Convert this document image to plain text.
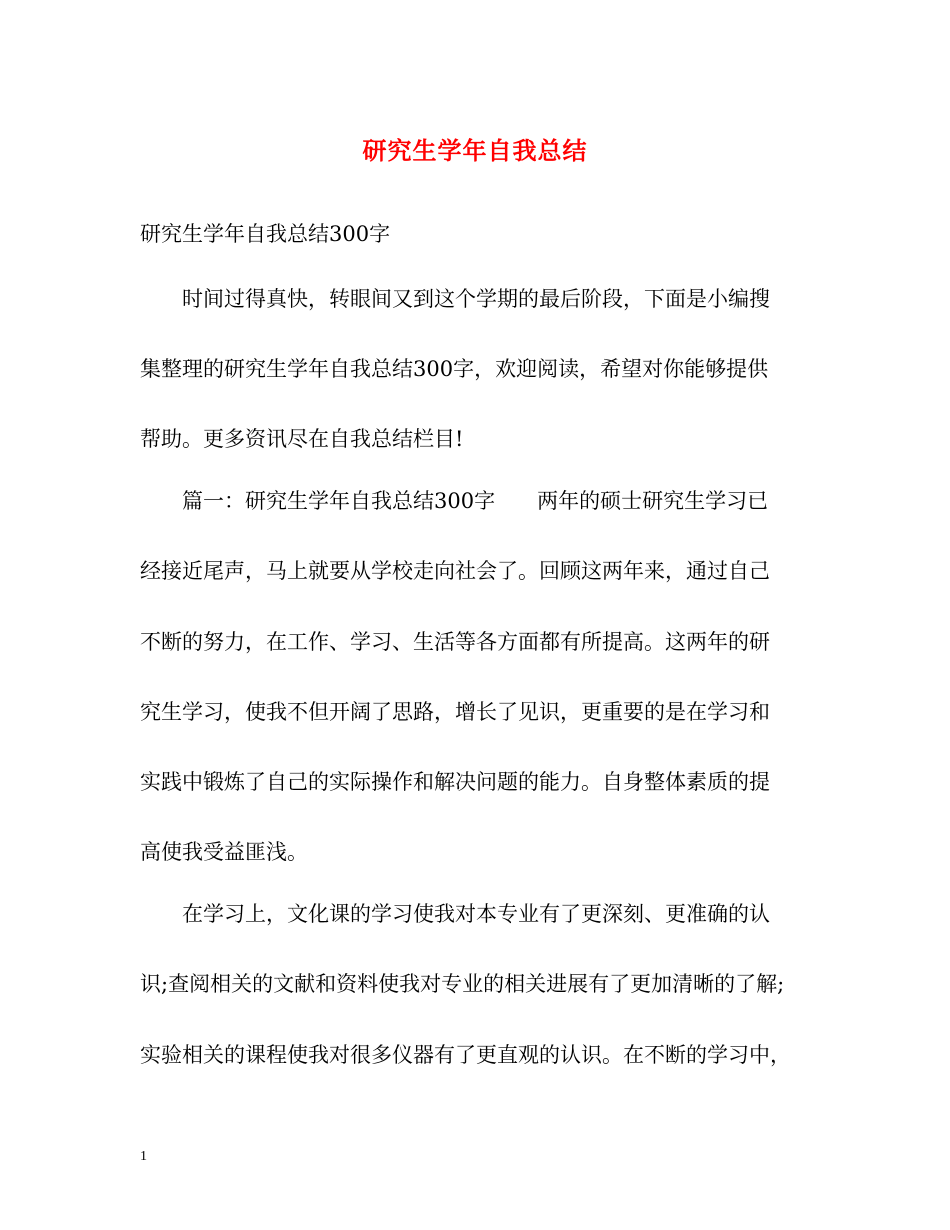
研究生学年自我总结
研究生学年自我总结300字
　　时间过得真快，转眼间又到这个学期的最后阶段，下面是小编搜
集整理的研究生学年自我总结300字，欢迎阅读，希望对你能够提供
帮助。更多资讯尽在自我总结栏目!
　　篇一：研究生学年自我总结300字　　两年的硕士研究生学习已
经接近尾声，马上就要从学校走向社会了。回顾这两年来，通过自己
不断的努力，在工作、学习、生活等各方面都有所提高。这两年的研
究生学习，使我不但开阔了思路，增长了见识，更重要的是在学习和
实践中锻炼了自己的实际操作和解决问题的能力。自身整体素质的提
高使我受益匪浅。
　　在学习上，文化课的学习使我对本专业有了更深刻、更准确的认
识;查阅相关的文献和资料使我对专业的相关进展有了更加清晰的了解;
实验相关的课程使我对很多仪器有了更直观的认识。在不断的学习中，
1
